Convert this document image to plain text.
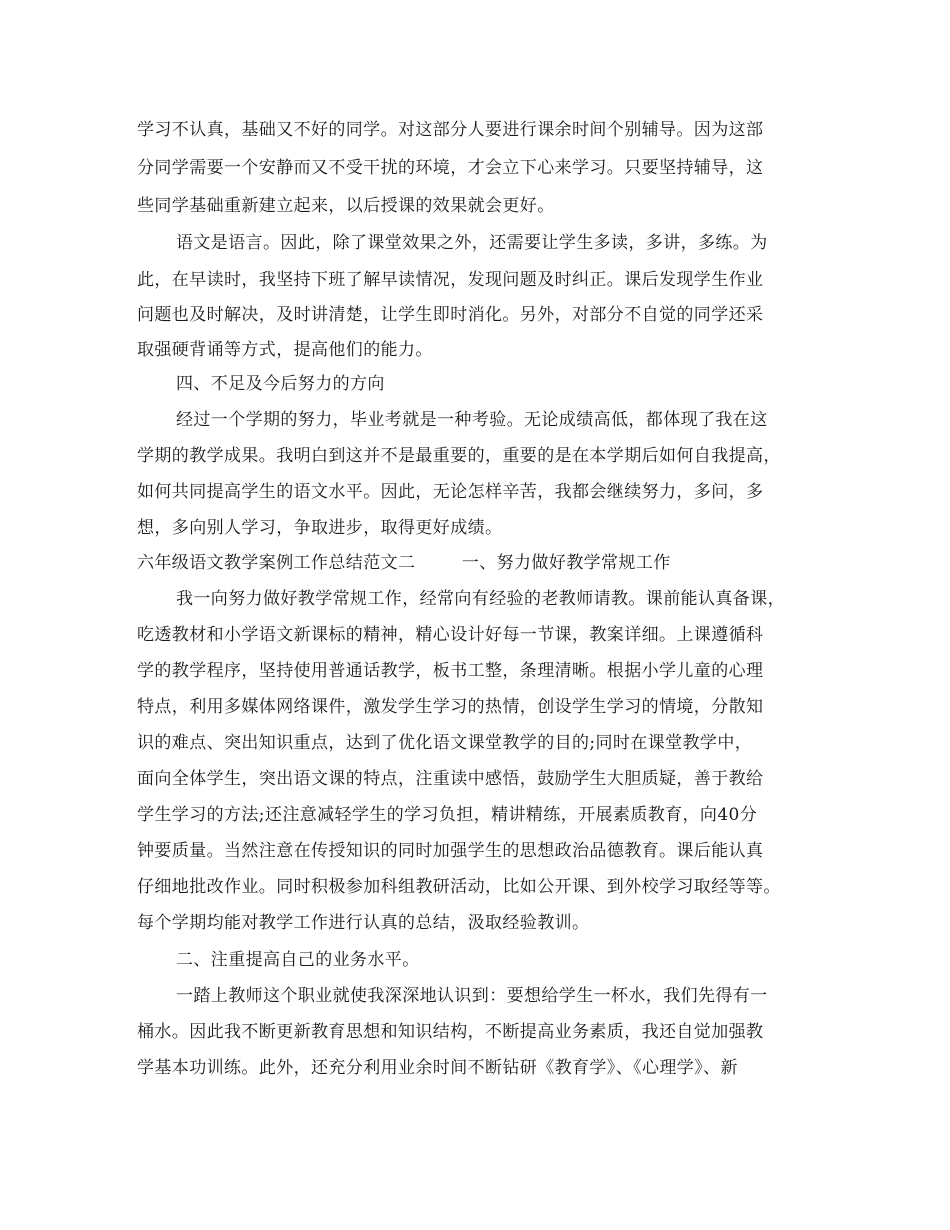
学习不认真，基础又不好的同学。对这部分人要进行课余时间个别辅导。因为这部
分同学需要一个安静而又不受干扰的环境，才会立下心来学习。只要坚持辅导，这
些同学基础重新建立起来，以后授课的效果就会更好。
语文是语言。因此，除了课堂效果之外，还需要让学生多读，多讲，多练。为
此，在早读时，我坚持下班了解早读情况，发现问题及时纠正。课后发现学生作业
问题也及时解决，及时讲清楚，让学生即时消化。另外，对部分不自觉的同学还采
取强硬背诵等方式，提高他们的能力。
四、不足及今后努力的方向
经过一个学期的努力，毕业考就是一种考验。无论成绩高低，都体现了我在这
学期的教学成果。我明白到这并不是最重要的，重要的是在本学期后如何自我提高，
如何共同提高学生的语文水平。因此，无论怎样辛苦，我都会继续努力，多问，多
想，多向别人学习，争取进步，取得更好成绩。
六年级语文教学案例工作总结范文二        一、努力做好教学常规工作
我一向努力做好教学常规工作，经常向有经验的老教师请教。课前能认真备课，
吃透教材和小学语文新课标的精神，精心设计好每一节课，教案详细。上课遵循科
学的教学程序，坚持使用普通话教学，板书工整，条理清晰。根据小学儿童的心理
特点，利用多媒体网络课件，激发学生学习的热情，创设学生学习的情境，分散知
识的难点、突出知识重点，达到了优化语文课堂教学的目的;同时在课堂教学中，
面向全体学生，突出语文课的特点，注重读中感悟，鼓励学生大胆质疑，善于教给
学生学习的方法;还注意减轻学生的学习负担，精讲精练，开展素质教育，向40分
钟要质量。当然注意在传授知识的同时加强学生的思想政治品德教育。课后能认真
仔细地批改作业。同时积极参加科组教研活动，比如公开课、到外校学习取经等等。
每个学期均能对教学工作进行认真的总结，汲取经验教训。
二、注重提高自己的业务水平。
一踏上教师这个职业就使我深深地认识到：要想给学生一杯水，我们先得有一
桶水。因此我不断更新教育思想和知识结构，不断提高业务素质，我还自觉加强教
学基本功训练。此外，还充分利用业余时间不断钻研《教育学》、《心理学》、新
